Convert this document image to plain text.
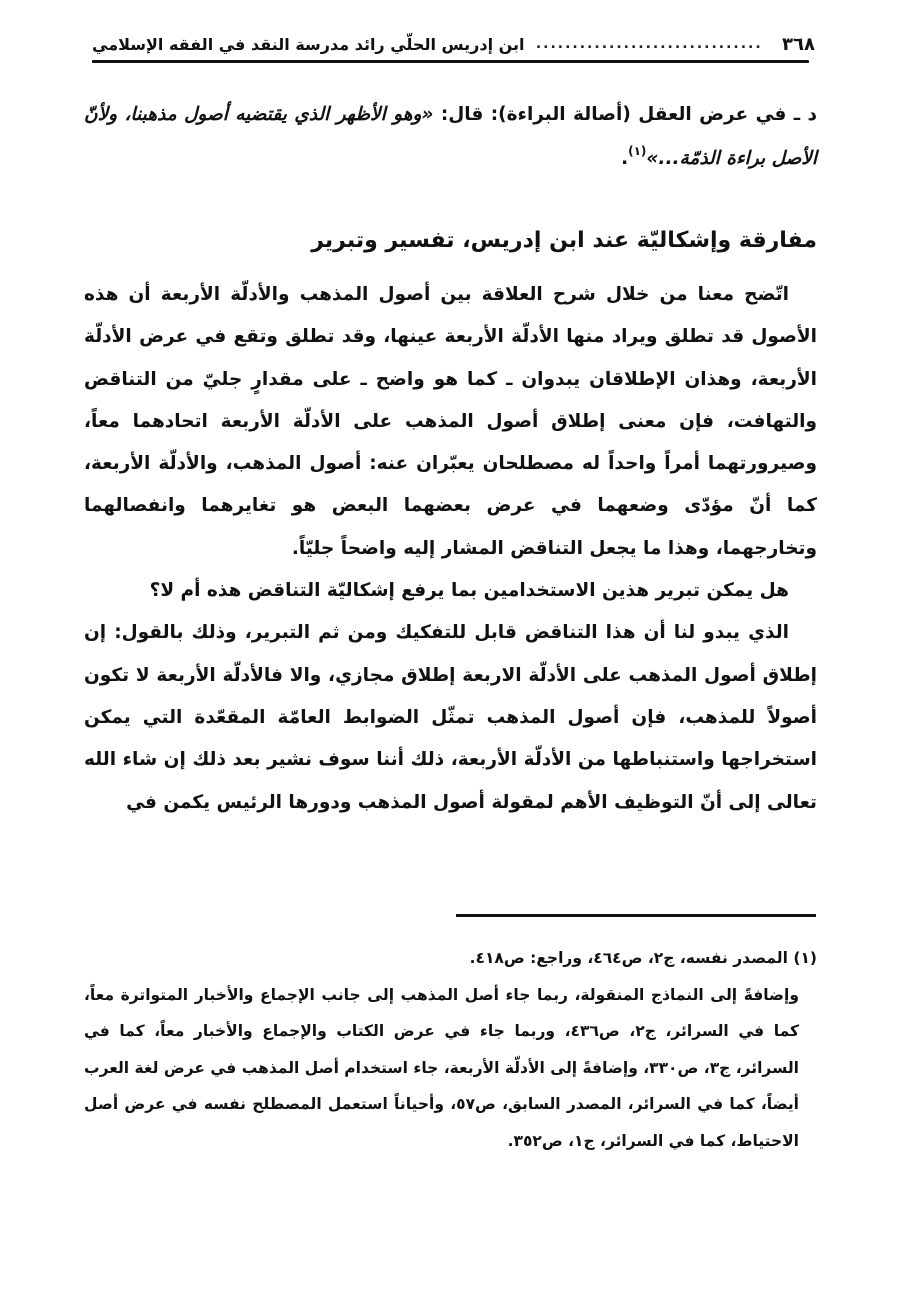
٣٦٨
...............................
ابن إدريس الحلّي رائد مدرسة النقد في الفقه الإسلامي
د ـ في عرض العقل (أصالة البراءة): قال: «وهو الأظهر الذي يقتضيه أصول مذهبنا، ولأنّ الأصل براءة الذمّة...»$^{(١)}$.
مفارقة وإشكاليّة عند ابن إدريس، تفسير وتبرير

اتّضح معنا من خلال شرح العلاقة بين أصول المذهب والأدلّة الأربعة أن هذه الأصول قد تطلق ويراد منها الأدلّة الأربعة عينها، وقد تطلق وتقع في عرض الأدلّة الأربعة، وهذان الإطلاقان يبدوان ـ كما هو واضح ـ على مقدارٍ جليّ من التناقض والتهافت، فإن معنى إطلاق أصول المذهب على الأدلّة الأربعة اتحادهما معاً، وصيرورتهما أمراً واحداً له مصطلحان يعبّران عنه: أصول المذهب، والأدلّة الأربعة، كما أنّ مؤدّى وضعهما في عرض بعضهما البعض هو تغايرهما وانفصالهما وتخارجهما، وهذا ما يجعل التناقض المشار إليه واضحاً جليّاً.

هل يمكن تبرير هذين الاستخدامين بما يرفع إشكاليّة التناقض هذه أم لا؟

الذي يبدو لنا أن هذا التناقض قابل للتفكيك ومن ثم التبرير، وذلك بالقول: إن إطلاق أصول المذهب على الأدلّة الاربعة إطلاق مجازي، والا فالأدلّة الأربعة لا تكون أصولاً للمذهب، فإن أصول المذهب تمثّل الضوابط العامّة المقعّدة التي يمكن استخراجها واستنباطها من الأدلّة الأربعة، ذلك أننا سوف نشير بعد ذلك إن شاء الله تعالى إلى أنّ التوظيف الأهم لمقولة أصول المذهب ودورها الرئيس يكمن في

(١) المصدر نفسه، ج٢، ص٤٦٤، وراجع: ص٤١٨.

وإضافةً إلى النماذج المنقولة، ربما جاء أصل المذهب إلى جانب الإجماع والأخبار المتواترة معاً، كما في السرائر، ج٢، ص٤٣٦، وربما جاء في عرض الكتاب والإجماع والأخبار معاً، كما في السرائر، ج٣، ص٣٣٠، وإضافةً إلى الأدلّة الأربعة، جاء استخدام أصل المذهب في عرض لغة العرب أيضاً، كما في السرائر، المصدر السابق، ص٥٧، وأحياناً استعمل المصطلح نفسه في عرض أصل الاحتياط، كما في السرائر، ج١، ص٣٥٢.
